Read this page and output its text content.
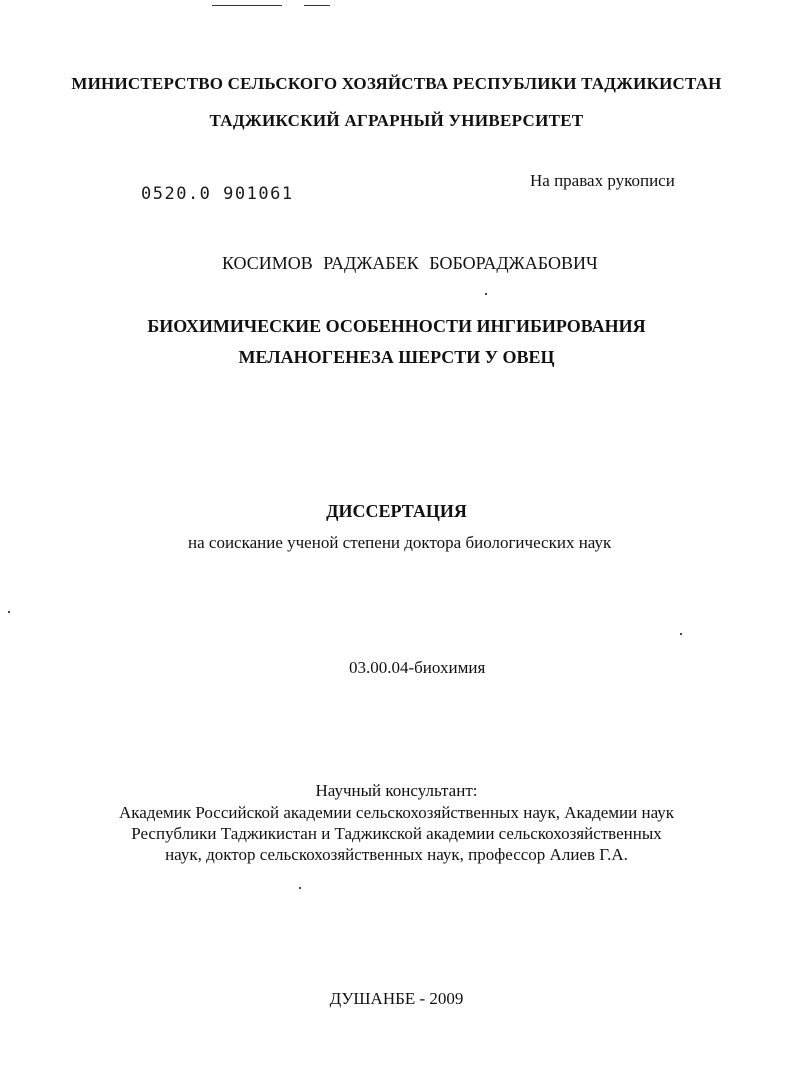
МИНИСТЕРСТВО СЕЛЬСКОГО ХОЗЯЙСТВА РЕСПУБЛИКИ ТАДЖИКИСТАН
ТАДЖИКСКИЙ АГРАРНЫЙ УНИВЕРСИТЕТ
0520.0 901061
На правах рукописи
КОСИМОВ РАДЖАБЕК БОБОРАДЖАБОВИЧ
БИОХИМИЧЕСКИЕ ОСОБЕННОСТИ ИНГИБИРОВАНИЯ
МЕЛАНОГЕНЕЗА ШЕРСТИ У ОВЕЦ
ДИССЕРТАЦИЯ
на соискание ученой степени доктора биологических наук
03.00.04-биохимия
Научный консультант:
Академик Российской академии сельскохозяйственных наук, Академии наук
Республики Таджикистан и Таджикской академии сельскохозяйственных
наук, доктор сельскохозяйственных наук, профессор Алиев Г.А.
ДУШАНБЕ - 2009
